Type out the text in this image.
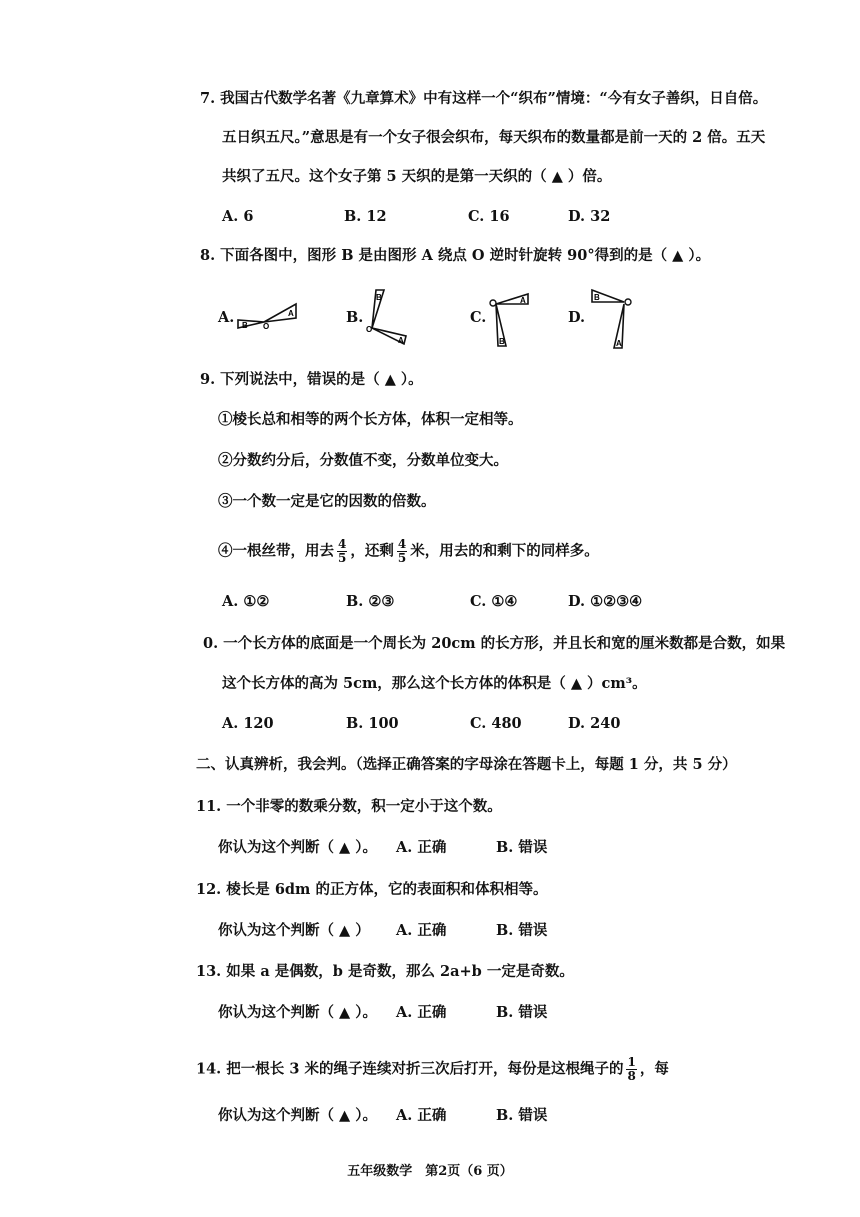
7. 我国古代数学名著《九章算术》中有这样一个“织布”情境：“今有女子善织，日自倍。
五日织五尺。”意思是有一个女子很会织布，每天织布的数量都是前一天的 2 倍。五天
共织了五尺。这个女子第 5 天织的是第一天织的（ ▲ ）倍。
A. 6	B. 12	C. 16	D. 32
8. 下面各图中，图形 B 是由图形 A 绕点 O 逆时针旋转 90°得到的是（ ▲ ）。
A.	B.	C.	D.
B O
A
B
O
A
A
B
B
A
9. 下列说法中，错误的是（ ▲ ）。
①棱长总和相等的两个长方体，体积一定相等。
②分数约分后，分数值不变，分数单位变大。
③一个数一定是它的因数的倍数。
④一根丝带，用去 $\frac{4}{5}$ ，还剩 $\frac{4}{5}$ 米，用去的和剩下的同样多。
A. ①②	B. ②③	C. ①④	D. ①②③④
0. 一个长方体的底面是一个周长为 20cm 的长方形，并且长和宽的厘米数都是合数，如果
这个长方体的高为 5cm，那么这个长方体的体积是（ ▲ ）cm³。
A. 120	B. 100	C. 480	D. 240
二、认真辨析，我会判。（选择正确答案的字母涂在答题卡上，每题 1 分，共 5 分）
11. 一个非零的数乘分数，积一定小于这个数。
你认为这个判断（ ▲ ）。 A. 正确	B. 错误
12. 棱长是 6dm 的正方体，它的表面积和体积相等。
你认为这个判断（ ▲ ） A. 正确	B. 错误
13. 如果 a 是偶数，b 是奇数，那么 2a+b 一定是奇数。
你认为这个判断（ ▲ ）。 A. 正确	B. 错误
14. 把一根长 3 米的绳子连续对折三次后打开，每份是这根绳子的 $\frac{1}{8}$ ，每
你认为这个判断（ ▲ ）。 A. 正确	B. 错误
五年级数学　第2页（6 页）
